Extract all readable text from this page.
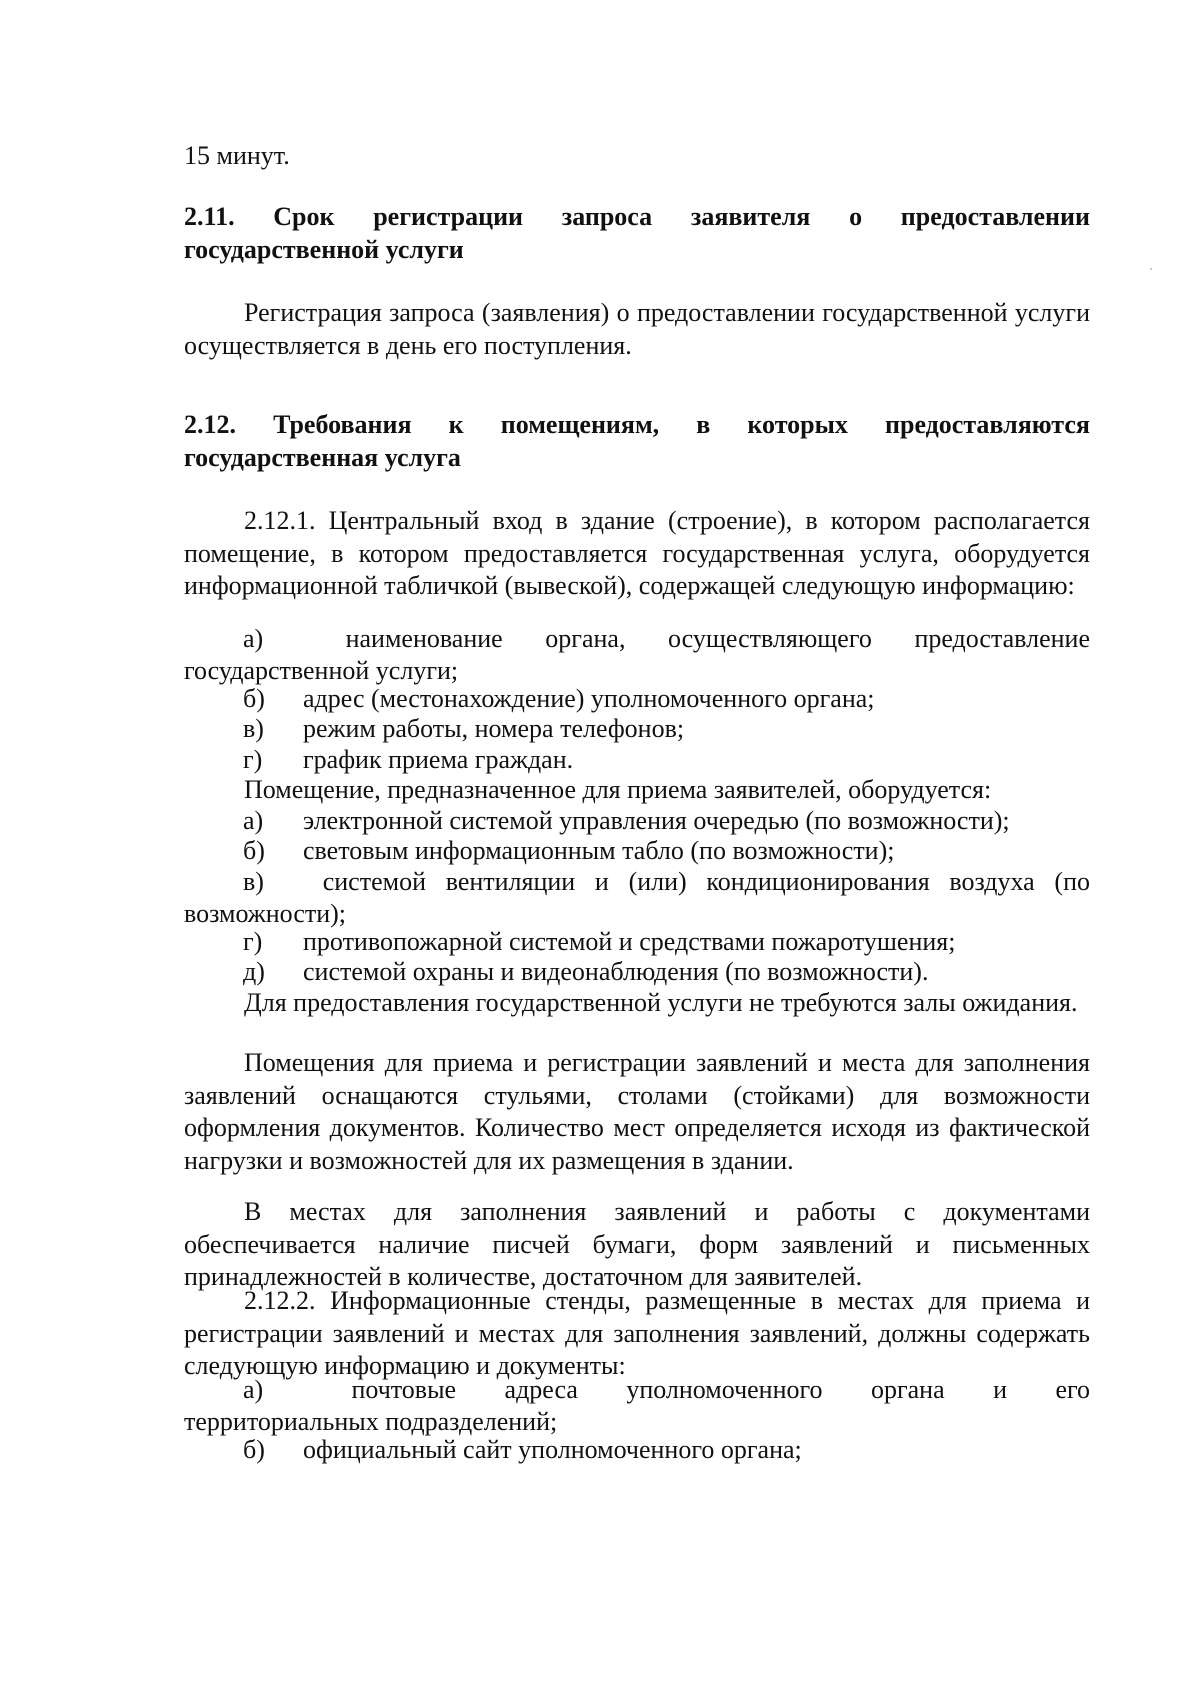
15 минут.
2.11. Срок регистрации запроса заявителя о предоставлении государственной услуги
Регистрация запроса (заявления) о предоставлении государственной услуги осуществляется в день его поступления.
2.12. Требования к помещениям, в которых предоставляются государственная услуга
2.12.1. Центральный вход в здание (строение), в котором располагается помещение, в котором предоставляется государственная услуга, оборудуется информационной табличкой (вывеской), содержащей следующую информацию:
а)	наименование органа, осуществляющего предоставление
государственной услуги;
б) адрес (местонахождение) уполномоченного органа;
в) режим работы, номера телефонов;
г) график приема граждан.
Помещение, предназначенное для приема заявителей, оборудуется:
а) электронной системой управления очередью (по возможности);
б) световым информационным табло (по возможности);
в) системой вентиляции и (или) кондиционирования воздуха (по
возможности);
г) противопожарной системой и средствами пожаротушения;
д) системой охраны и видеонаблюдения (по возможности).
Для предоставления государственной услуги не требуются залы ожидания.
Помещения для приема и регистрации заявлений и места для заполнения заявлений оснащаются стульями, столами (стойками) для возможности оформления документов. Количество мест определяется исходя из фактической нагрузки и возможностей для их размещения в здании.
В местах для заполнения заявлений и работы с документами обеспечивается наличие писчей бумаги, форм заявлений и письменных принадлежностей в количестве, достаточном для заявителей.
2.12.2. Информационные стенды, размещенные в местах для приема и регистрации заявлений и местах для заполнения заявлений, должны содержать следующую информацию и документы:
а)	почтовые адреса уполномоченного органа и его
территориальных подразделений;
б) официальный сайт уполномоченного органа;
